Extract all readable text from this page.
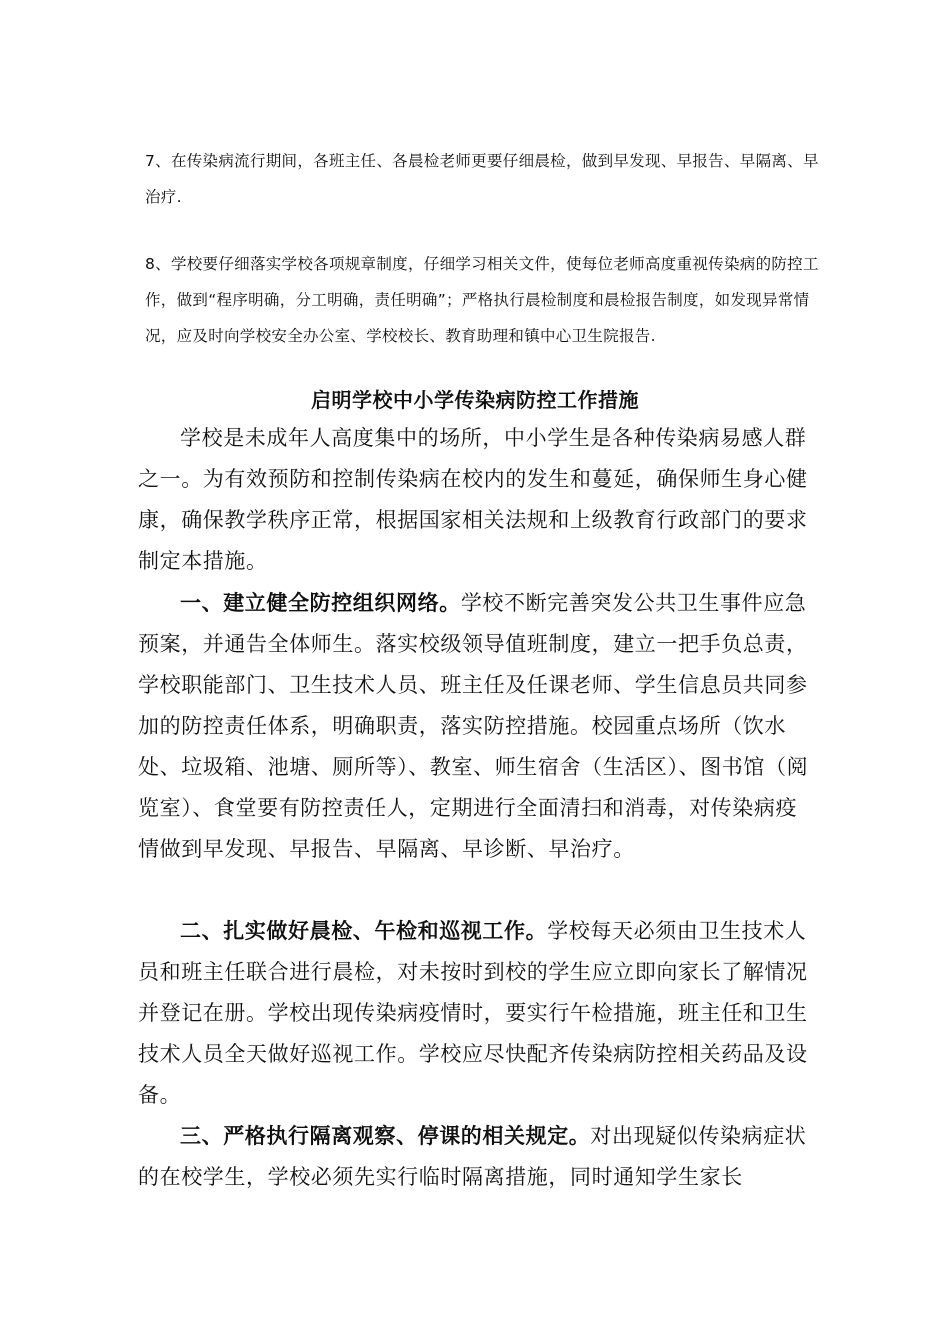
7、在传染病流行期间，各班主任、各晨检老师更要仔细晨检，做到早发现、早报告、早隔离、早治疗.
8、学校要仔细落实学校各项规章制度，仔细学习相关文件，使每位老师高度重视传染病的防控工作，做到“程序明确，分工明确，责任明确”；严格执行晨检制度和晨检报告制度，如发现异常情况，应及时向学校安全办公室、学校校长、教育助理和镇中心卫生院报告.
启明学校中小学传染病防控工作措施

学校是未成年人高度集中的场所，中小学生是各种传染病易感人群之一。为有效预防和控制传染病在校内的发生和蔓延，确保师生身心健康，确保教学秩序正常，根据国家相关法规和上级教育行政部门的要求制定本措施。

一、建立健全防控组织网络。学校不断完善突发公共卫生事件应急预案，并通告全体师生。落实校级领导值班制度，建立一把手负总责，学校职能部门、卫生技术人员、班主任及任课老师、学生信息员共同参加的防控责任体系，明确职责，落实防控措施。校园重点场所（饮水处、垃圾箱、池塘、厕所等）、教室、师生宿舍（生活区）、图书馆（阅览室）、食堂要有防控责任人，定期进行全面清扫和消毒，对传染病疫情做到早发现、早报告、早隔离、早诊断、早治疗。

二、扎实做好晨检、午检和巡视工作。学校每天必须由卫生技术人员和班主任联合进行晨检，对未按时到校的学生应立即向家长了解情况并登记在册。学校出现传染病疫情时，要实行午检措施，班主任和卫生技术人员全天做好巡视工作。学校应尽快配齐传染病防控相关药品及设备。

三、严格执行隔离观察、停课的相关规定。对出现疑似传染病症状的在校学生，学校必须先实行临时隔离措施，同时通知学生家长
